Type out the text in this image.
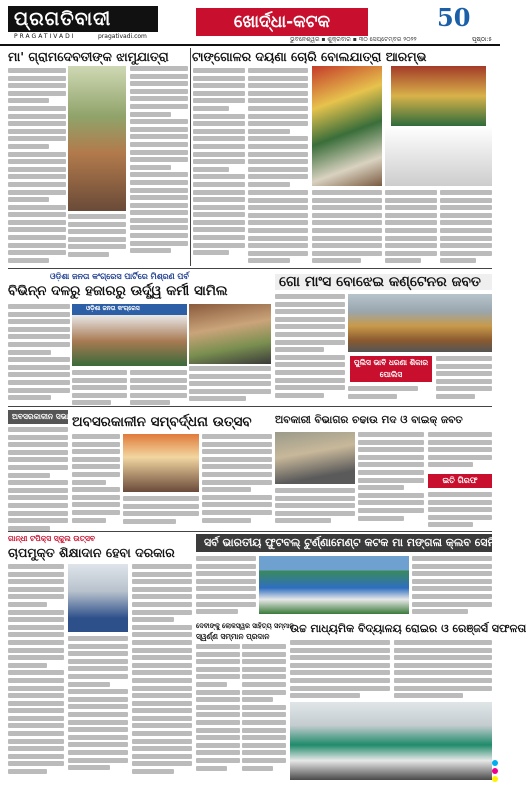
ପ୍ରଗତିବାଦୀ
PRAGATIVADI	pragativadi.com
ଖୋର୍ଦ୍ଧା-କଟକ	50
ଭୁବନେଶ୍ୱର ▪ ଶୁକ୍ରବାର ▪ ୩୦ ସେପ୍ଟେମ୍ବର ୨୦୨୨	ପୃଷ୍ଠା:୫
ମା' ଗ୍ରାମଦେବତୀଙ୍କ ଝାମୁଯାତ୍ରା	ଟାଙ୍ଗୋଳର ଦୟଣା ଚୋରି ବୋଲଯାତ୍ରା ଆରମ୍ଭ
ଓଡ଼ିଶା ଜନତା କଂଗ୍ରେସ ପାର୍ଟିରେ ମିଶ୍ରଣ ପର୍ବ
ବିଭିନ୍ନ ଦଳରୁ ହଜାରରୁ ଊର୍ଦ୍ଧ୍ୱ କର୍ମୀ ସାମିଲ
ଗୋ ମାଂସ ବୋଝେଇ କଣ୍ଟେନର ଜବତ
ଓଡ଼ିଶା ଜନତା କଂଗ୍ରେସ
ପୁଲିସ ଭାବି ଧରଣା ଶିକାର ପୋଲିସ
ଅବସରକାଳୀନ ସଭା ଅବସରକାଳୀନ ସମ୍ବର୍ଦ୍ଧନା ଉତ୍ସବ	ଅବକାରୀ ବିଭାଗର ଚଢାଉ ମଦ ଓ ବାଇକ୍ ଜବତ
ଇତି ଗିରଫ
ଗାନ୍ଧୀ ଟପିକ୍ସ ସ୍କୁଲ ଉତ୍ସବ
ଚାପମୁକ୍ତ ଶିକ୍ଷାଦାନ ହେବା ଦରକାର
ସର୍ବ ଭାରତୀୟ ଫୁଟବଲ୍ ଟୁର୍ଣ୍ଣାମେଣ୍ଟ କଟକ ମା ମଙ୍ଗଳା କ୍ଲବ ସେମିରେ
ଦେବୀଙ୍କୁ ଲୋକସ୍ୱର ସାହିତ୍ୟ ସମ୍ମାନ
ସ୍ୱର୍ଣ୍ଣ ସମ୍ମାନ ପ୍ରଦାନ
ଉଚ୍ଚ ମାଧ୍ୟମିକ ବିଦ୍ୟାଳୟ ରୋଇର ଓ ରେଞ୍ଜର୍ସ ସଫଳତା
